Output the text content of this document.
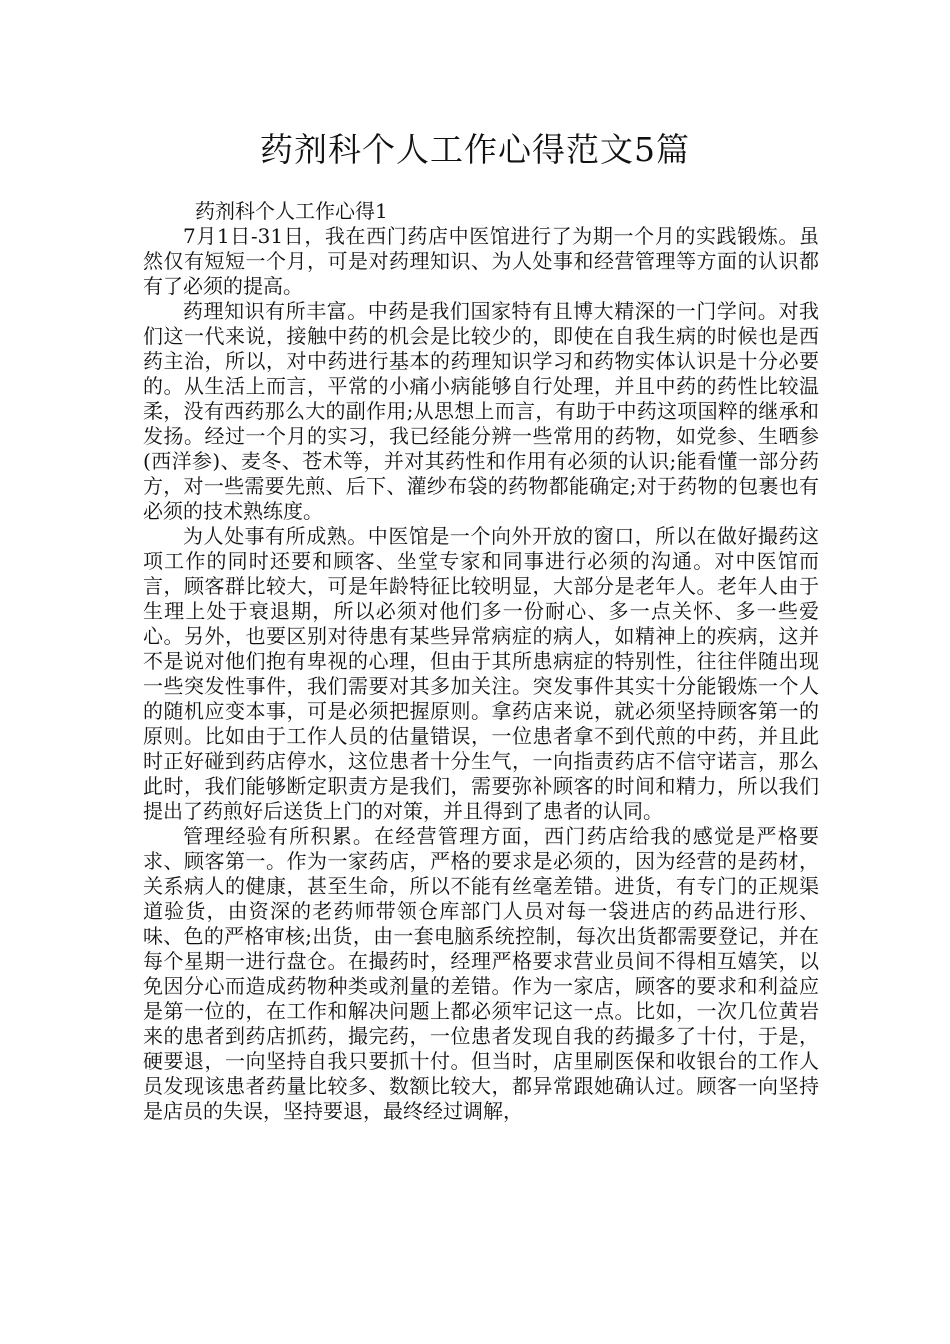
药剂科个人工作心得范文5篇

药剂科个人工作心得1

7月1日-31日，我在西门药店中医馆进行了为期一个月的实践锻炼。虽然仅有短短一个月，可是对药理知识、为人处事和经营管理等方面的认识都有了必须的提高。

药理知识有所丰富。中药是我们国家特有且博大精深的一门学问。对我们这一代来说，接触中药的机会是比较少的，即使在自我生病的时候也是西药主治，所以，对中药进行基本的药理知识学习和药物实体认识是十分必要的。从生活上而言，平常的小痛小病能够自行处理，并且中药的药性比较温柔，没有西药那么大的副作用;从思想上而言，有助于中药这项国粹的继承和发扬。经过一个月的实习，我已经能分辨一些常用的药物，如党参、生晒参(西洋参)、麦冬、苍术等，并对其药性和作用有必须的认识;能看懂一部分药方，对一些需要先煎、后下、灌纱布袋的药物都能确定;对于药物的包裹也有必须的技术熟练度。

为人处事有所成熟。中医馆是一个向外开放的窗口，所以在做好撮药这项工作的同时还要和顾客、坐堂专家和同事进行必须的沟通。对中医馆而言，顾客群比较大，可是年龄特征比较明显，大部分是老年人。老年人由于生理上处于衰退期，所以必须对他们多一份耐心、多一点关怀、多一些爱心。另外，也要区别对待患有某些异常病症的病人，如精神上的疾病，这并不是说对他们抱有卑视的心理，但由于其所患病症的特别性，往往伴随出现一些突发性事件，我们需要对其多加关注。突发事件其实十分能锻炼一个人的随机应变本事，可是必须把握原则。拿药店来说，就必须坚持顾客第一的原则。比如由于工作人员的估量错误，一位患者拿不到代煎的中药，并且此时正好碰到药店停水，这位患者十分生气，一向指责药店不信守诺言，那么此时，我们能够断定职责方是我们，需要弥补顾客的时间和精力，所以我们提出了药煎好后送货上门的对策，并且得到了患者的认同。

管理经验有所积累。在经营管理方面，西门药店给我的感觉是严格要求、顾客第一。作为一家药店，严格的要求是必须的，因为经营的是药材，关系病人的健康，甚至生命，所以不能有丝毫差错。进货，有专门的正规渠道验货，由资深的老药师带领仓库部门人员对每一袋进店的药品进行形、味、色的严格审核;出货，由一套电脑系统控制，每次出货都需要登记，并在每个星期一进行盘仓。在撮药时，经理严格要求营业员间不得相互嬉笑，以免因分心而造成药物种类或剂量的差错。作为一家店，顾客的要求和利益应是第一位的，在工作和解决问题上都必须牢记这一点。比如，一次几位黄岩来的患者到药店抓药，撮完药，一位患者发现自我的药撮多了十付，于是，硬要退，一向坚持自我只要抓十付。但当时，店里刷医保和收银台的工作人员发现该患者药量比较多、数额比较大，都异常跟她确认过。顾客一向坚持是店员的失误，坚持要退，最终经过调解，
